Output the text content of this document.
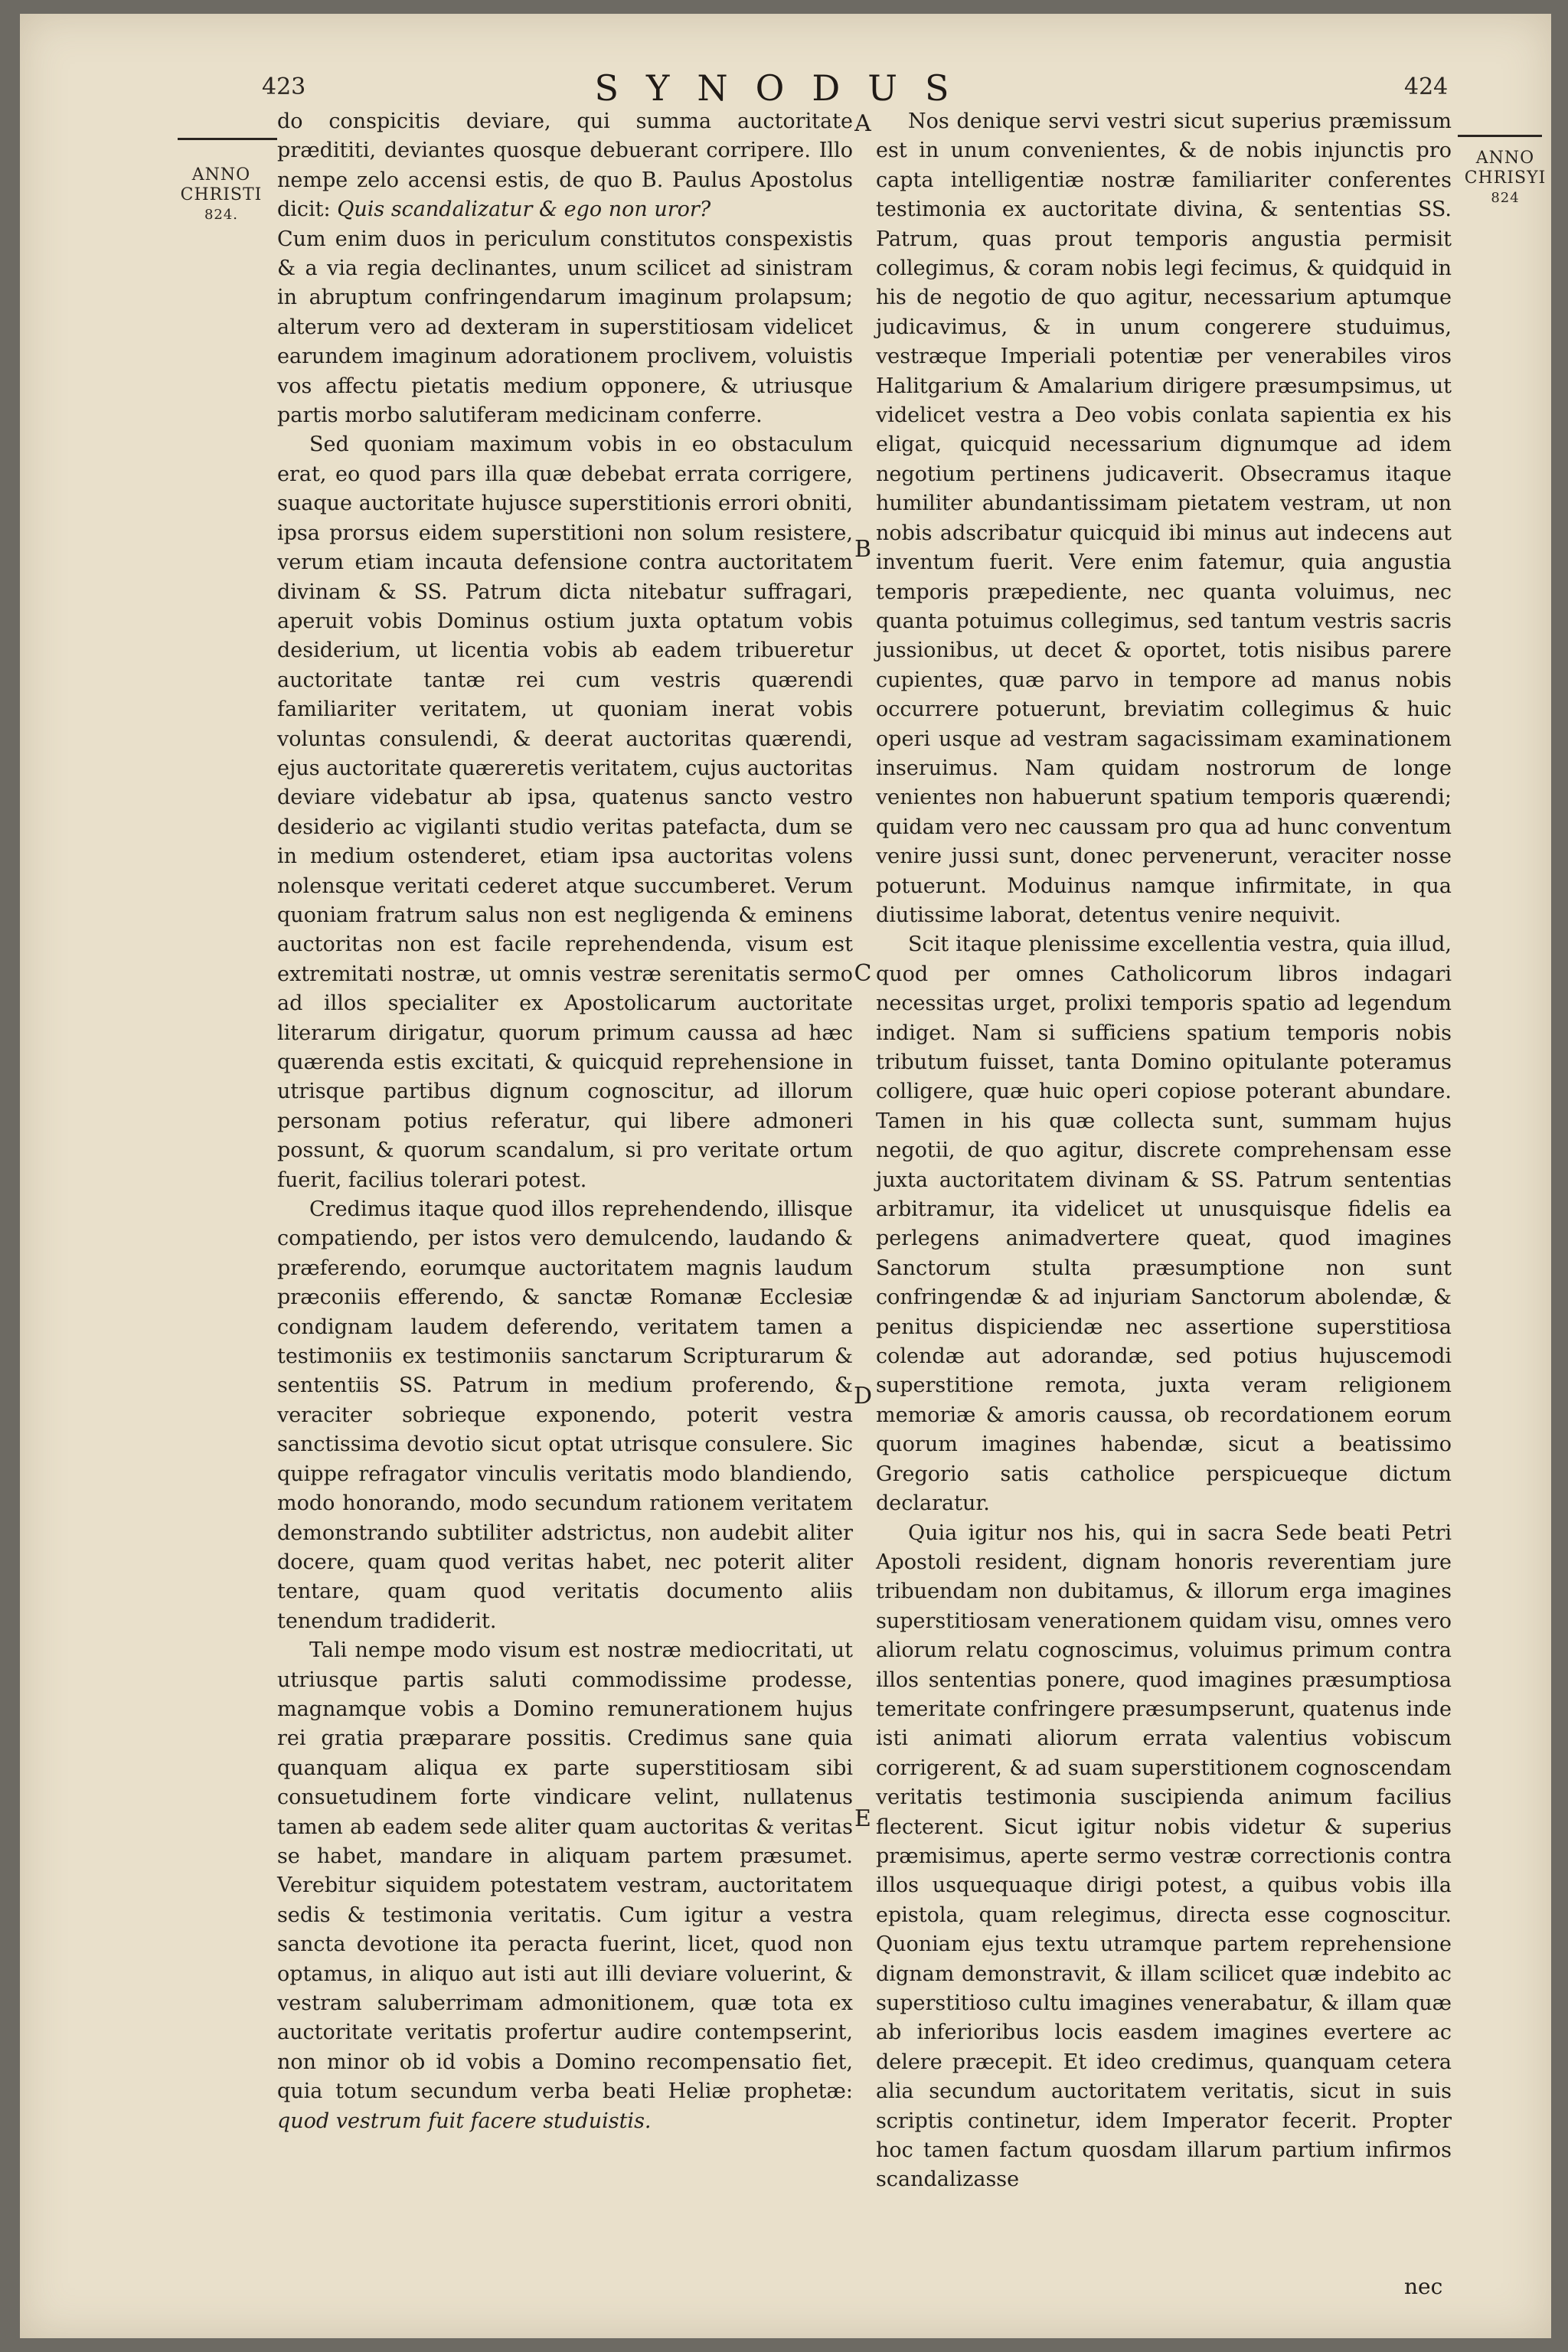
423	SYNODUS	424
ANNO
CHRISTI
824.
ANNO
CHRISYI
824
A
B
C
D
E

do conspicitis deviare, qui summa auctoritate prædititi, deviantes quosque debuerant corripere. Illo nempe zelo accensi estis, de quo B. Paulus Apostolus dicit: Quis scandalizatur & ego non uror?

Cum enim duos in periculum constitutos conspexistis & a via regia declinantes, unum scilicet ad sinistram in abruptum confringendarum imaginum prolapsum; alterum vero ad dexteram in superstitiosam videlicet earundem imaginum adorationem proclivem, voluistis vos affectu pietatis medium opponere, & utriusque partis morbo salutiferam medicinam conferre.

Sed quoniam maximum vobis in eo obstaculum erat, eo quod pars illa quæ debebat errata corrigere, suaque auctoritate hujusce superstitionis errori obniti, ipsa prorsus eidem superstitioni non solum resistere, verum etiam incauta defensione contra auctoritatem divinam & SS. Patrum dicta nitebatur suffragari, aperuit vobis Dominus ostium juxta optatum vobis desiderium, ut licentia vobis ab eadem tribueretur auctoritate tantæ rei cum vestris quærendi familiariter veritatem, ut quoniam inerat vobis voluntas consulendi, & deerat auctoritas quærendi, ejus auctoritate quæreretis veritatem, cujus auctoritas deviare videbatur ab ipsa, quatenus sancto vestro desiderio ac vigilanti studio veritas patefacta, dum se in medium ostenderet, etiam ipsa auctoritas volens nolensque veritati cederet atque succumberet. Verum quoniam fratrum salus non est negligenda & eminens auctoritas non est facile reprehendenda, visum est extremitati nostræ, ut omnis vestræ serenitatis sermo ad illos specialiter ex Apostolicarum auctoritate literarum dirigatur, quorum primum caussa ad hæc quærenda estis excitati, & quicquid reprehensione in utrisque partibus dignum cognoscitur, ad illorum personam potius referatur, qui libere admoneri possunt, & quorum scandalum, si pro veritate ortum fuerit, facilius tolerari potest.

Credimus itaque quod illos reprehendendo, illisque compatiendo, per istos vero demulcendo, laudando & præferendo, eorumque auctoritatem magnis laudum præconiis efferendo, & sanctæ Romanæ Ecclesiæ condignam laudem deferendo, veritatem tamen a testimoniis ex testimoniis sanctarum Scripturarum & sententiis SS. Patrum in medium proferendo, & veraciter sobrieque exponendo, poterit vestra sanctissima devotio sicut optat utrisque consulere. Sic quippe refragator vinculis veritatis modo blandiendo, modo honorando, modo secundum rationem veritatem demonstrando subtiliter adstrictus, non audebit aliter docere, quam quod veritas habet, nec poterit aliter tentare, quam quod veritatis documento aliis tenendum tradiderit.

Tali nempe modo visum est nostræ mediocritati, ut utriusque partis saluti commodissime prodesse, magnamque vobis a Domino remunerationem hujus rei gratia præparare possitis. Credimus sane quia quanquam aliqua ex parte superstitiosam sibi consuetudinem forte vindicare velint, nullatenus tamen ab eadem sede aliter quam auctoritas & veritas se habet, mandare in aliquam partem præsumet. Verebitur siquidem potestatem vestram, auctoritatem sedis & testimonia veritatis. Cum igitur a vestra sancta devotione ita peracta fuerint, licet, quod non optamus, in aliquo aut isti aut illi deviare voluerint, & vestram saluberrimam admonitionem, quæ tota ex auctoritate veritatis profertur audire contempserint, non minor ob id vobis a Domino recompensatio fiet, quia totum secundum verba beati Heliæ prophetæ: quod vestrum fuit facere studuistis.

Nos denique servi vestri sicut superius præmissum est in unum convenientes, & de nobis injunctis pro capta intelligentiæ nostræ familiariter conferentes testimonia ex auctoritate divina, & sententias SS. Patrum, quas prout temporis angustia permisit collegimus, & coram nobis legi fecimus, & quidquid in his de negotio de quo agitur, necessarium aptumque judicavimus, & in unum congerere studuimus, vestræque Imperiali potentiæ per venerabiles viros Halitgarium & Amalarium dirigere præsumpsimus, ut videlicet vestra a Deo vobis conlata sapientia ex his eligat, quicquid necessarium dignumque ad idem negotium pertinens judicaverit. Obsecramus itaque humiliter abundantissimam pietatem vestram, ut non nobis adscribatur quicquid ibi minus aut indecens aut inventum fuerit. Vere enim fatemur, quia angustia temporis præpediente, nec quanta voluimus, nec quanta potuimus collegimus, sed tantum vestris sacris jussionibus, ut decet & oportet, totis nisibus parere cupientes, quæ parvo in tempore ad manus nobis occurrere potuerunt, breviatim collegimus & huic operi usque ad vestram sagacissimam examinationem inseruimus. Nam quidam nostrorum de longe venientes non habuerunt spatium temporis quærendi; quidam vero nec caussam pro qua ad hunc conventum venire jussi sunt, donec pervenerunt, veraciter nosse potuerunt. Moduinus namque infirmitate, in qua diutissime laborat, detentus venire nequivit.

Scit itaque plenissime excellentia vestra, quia illud, quod per omnes Catholicorum libros indagari necessitas urget, prolixi temporis spatio ad legendum indiget. Nam si sufficiens spatium temporis nobis tributum fuisset, tanta Domino opitulante poteramus colligere, quæ huic operi copiose poterant abundare. Tamen in his quæ collecta sunt, summam hujus negotii, de quo agitur, discrete comprehensam esse juxta auctoritatem divinam & SS. Patrum sententias arbitramur, ita videlicet ut unusquisque fidelis ea perlegens animadvertere queat, quod imagines Sanctorum stulta præsumptione non sunt confringendæ & ad injuriam Sanctorum abolendæ, & penitus dispiciendæ nec assertione superstitiosa colendæ aut adorandæ, sed potius hujuscemodi superstitione remota, juxta veram religionem memoriæ & amoris caussa, ob recordationem eorum quorum imagines habendæ, sicut a beatissimo Gregorio satis catholice perspicueque dictum declaratur.

Quia igitur nos his, qui in sacra Sede beati Petri Apostoli resident, dignam honoris reverentiam jure tribuendam non dubitamus, & illorum erga imagines superstitiosam venerationem quidam visu, omnes vero aliorum relatu cognoscimus, voluimus primum contra illos sententias ponere, quod imagines præsumptiosa temeritate confringere præsumpserunt, quatenus inde isti animati aliorum errata valentius vobiscum corrigerent, & ad suam superstitionem cognoscendam veritatis testimonia suscipienda animum facilius flecterent. Sicut igitur nobis videtur & superius præmisimus, aperte sermo vestræ correctionis contra illos usquequaque dirigi potest, a quibus vobis illa epistola, quam relegimus, directa esse cognoscitur. Quoniam ejus textu utramque partem reprehensione dignam demonstravit, & illam scilicet quæ indebito ac superstitioso cultu imagines venerabatur, & illam quæ ab inferioribus locis easdem imagines evertere ac delere præcepit. Et ideo credimus, quanquam cetera alia secundum auctoritatem veritatis, sicut in suis scriptis continetur, idem Imperator fecerit. Propter hoc tamen factum quosdam illarum partium infirmos scandalizasse

nec
